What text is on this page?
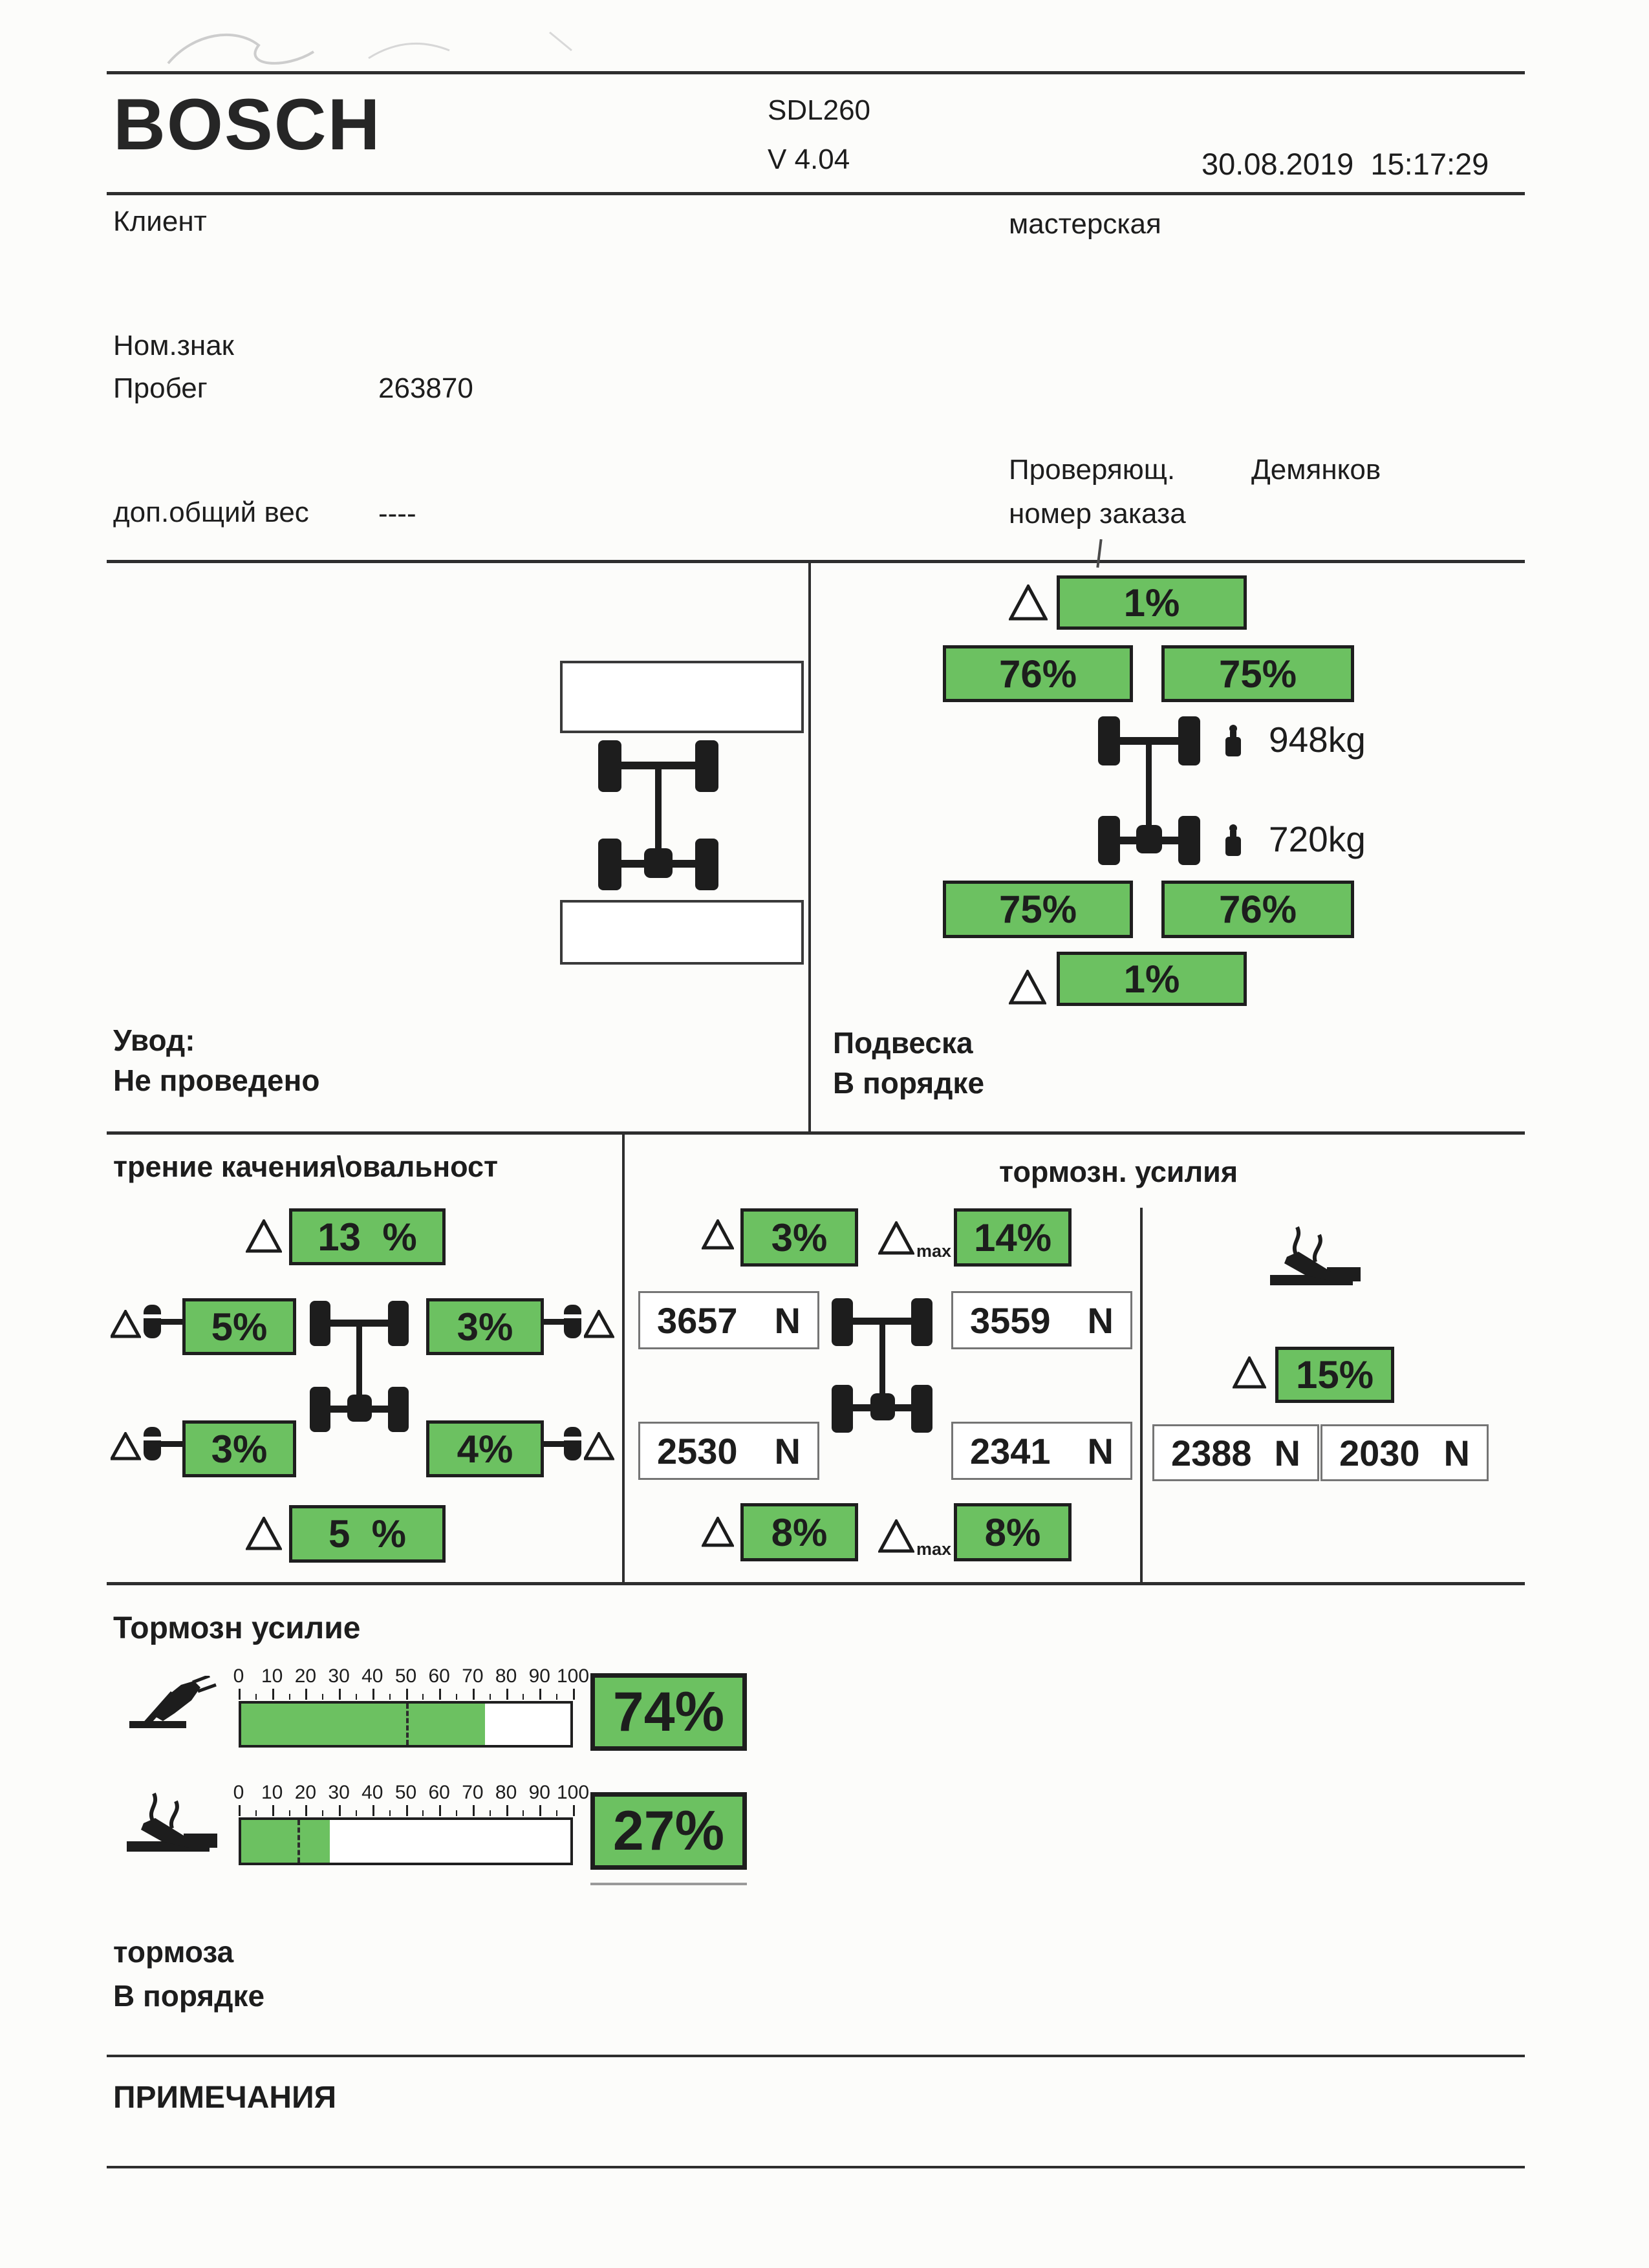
BOSCH	SDL260
V 4.04	30.08.2019  15:17:29
Клиент	мастерская
Ном.знак
Пробег	263870
Проверяющ.	Демянков
доп.общий вес ----	номер заказа
Увод:
Не проведено
1%
76%	75%
948kg
720kg
75%	76%
1%
Подвеска
В порядке
трение качения\овальност
13  %
5%	3%
3%	4%
5  %
тормозн. усилия
3%	max 14%
3657 N	3559 N
2530 N	2341 N
8%	max 8%
15%
2388 N 2030 N
Тормозн усилие
0 10 20 30 40 50 60 70 80 90 100
74%
0 10 20 30 40 50 60 70 80 90 100
27%
тормоза
В порядке
ПРИМЕЧАНИЯ
